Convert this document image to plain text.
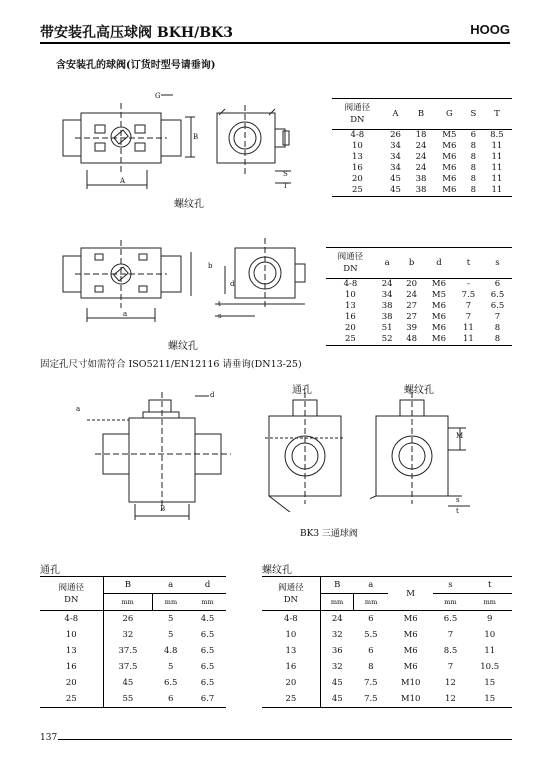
带安装孔高压球阀 BKH/BK3	HOOG
含安装孔的球阀(订货时型号请垂询)
G
A
B
S
T
螺纹孔
阀通径
DN	A	B	G	S	T
4-8	26	18	M5	6	8.5
10	34	24	M6	8	11
13	34	24	M6	8	11
16	34	24	M6	8	11
20	45	38	M6	8	11
25	45	38	M6	8	11
b
a
d
t
s
螺纹孔
阀通径
DN	a	b	d	t	s
4-8	24	20	M6	-	6
10	34	24	M5	7.5	6.5
13	38	27	M6	7	6.5
16	38	27	M6	7	7
20	51	39	M6	11	8
25	52	48	M6	11	8
固定孔尺寸如需符合 ISO5211/EN12116 请垂询(DN13-25)
B
d
a
通孔	螺纹孔
M
s
t
BK3 三通球阀
通孔	螺纹孔
阀通径
DN	B	a	d
	mm	mm	mm
4-8	26	5	4.5
10	32	5	6.5
13	37.5	4.8	6.5
16	37.5	5	6.5
20	45	6.5	6.5
25	55	6	6.7
阀通径
DN	B	a	M	s	t
	mm	mm		mm	mm
4-8	24	6	M6	6.5	9
10	32	5.5	M6	7	10
13	36	6	M6	8.5	11
16	32	8	M6	7	10.5
20	45	7.5	M10	12	15
25	45	7.5	M10	12	15
137
